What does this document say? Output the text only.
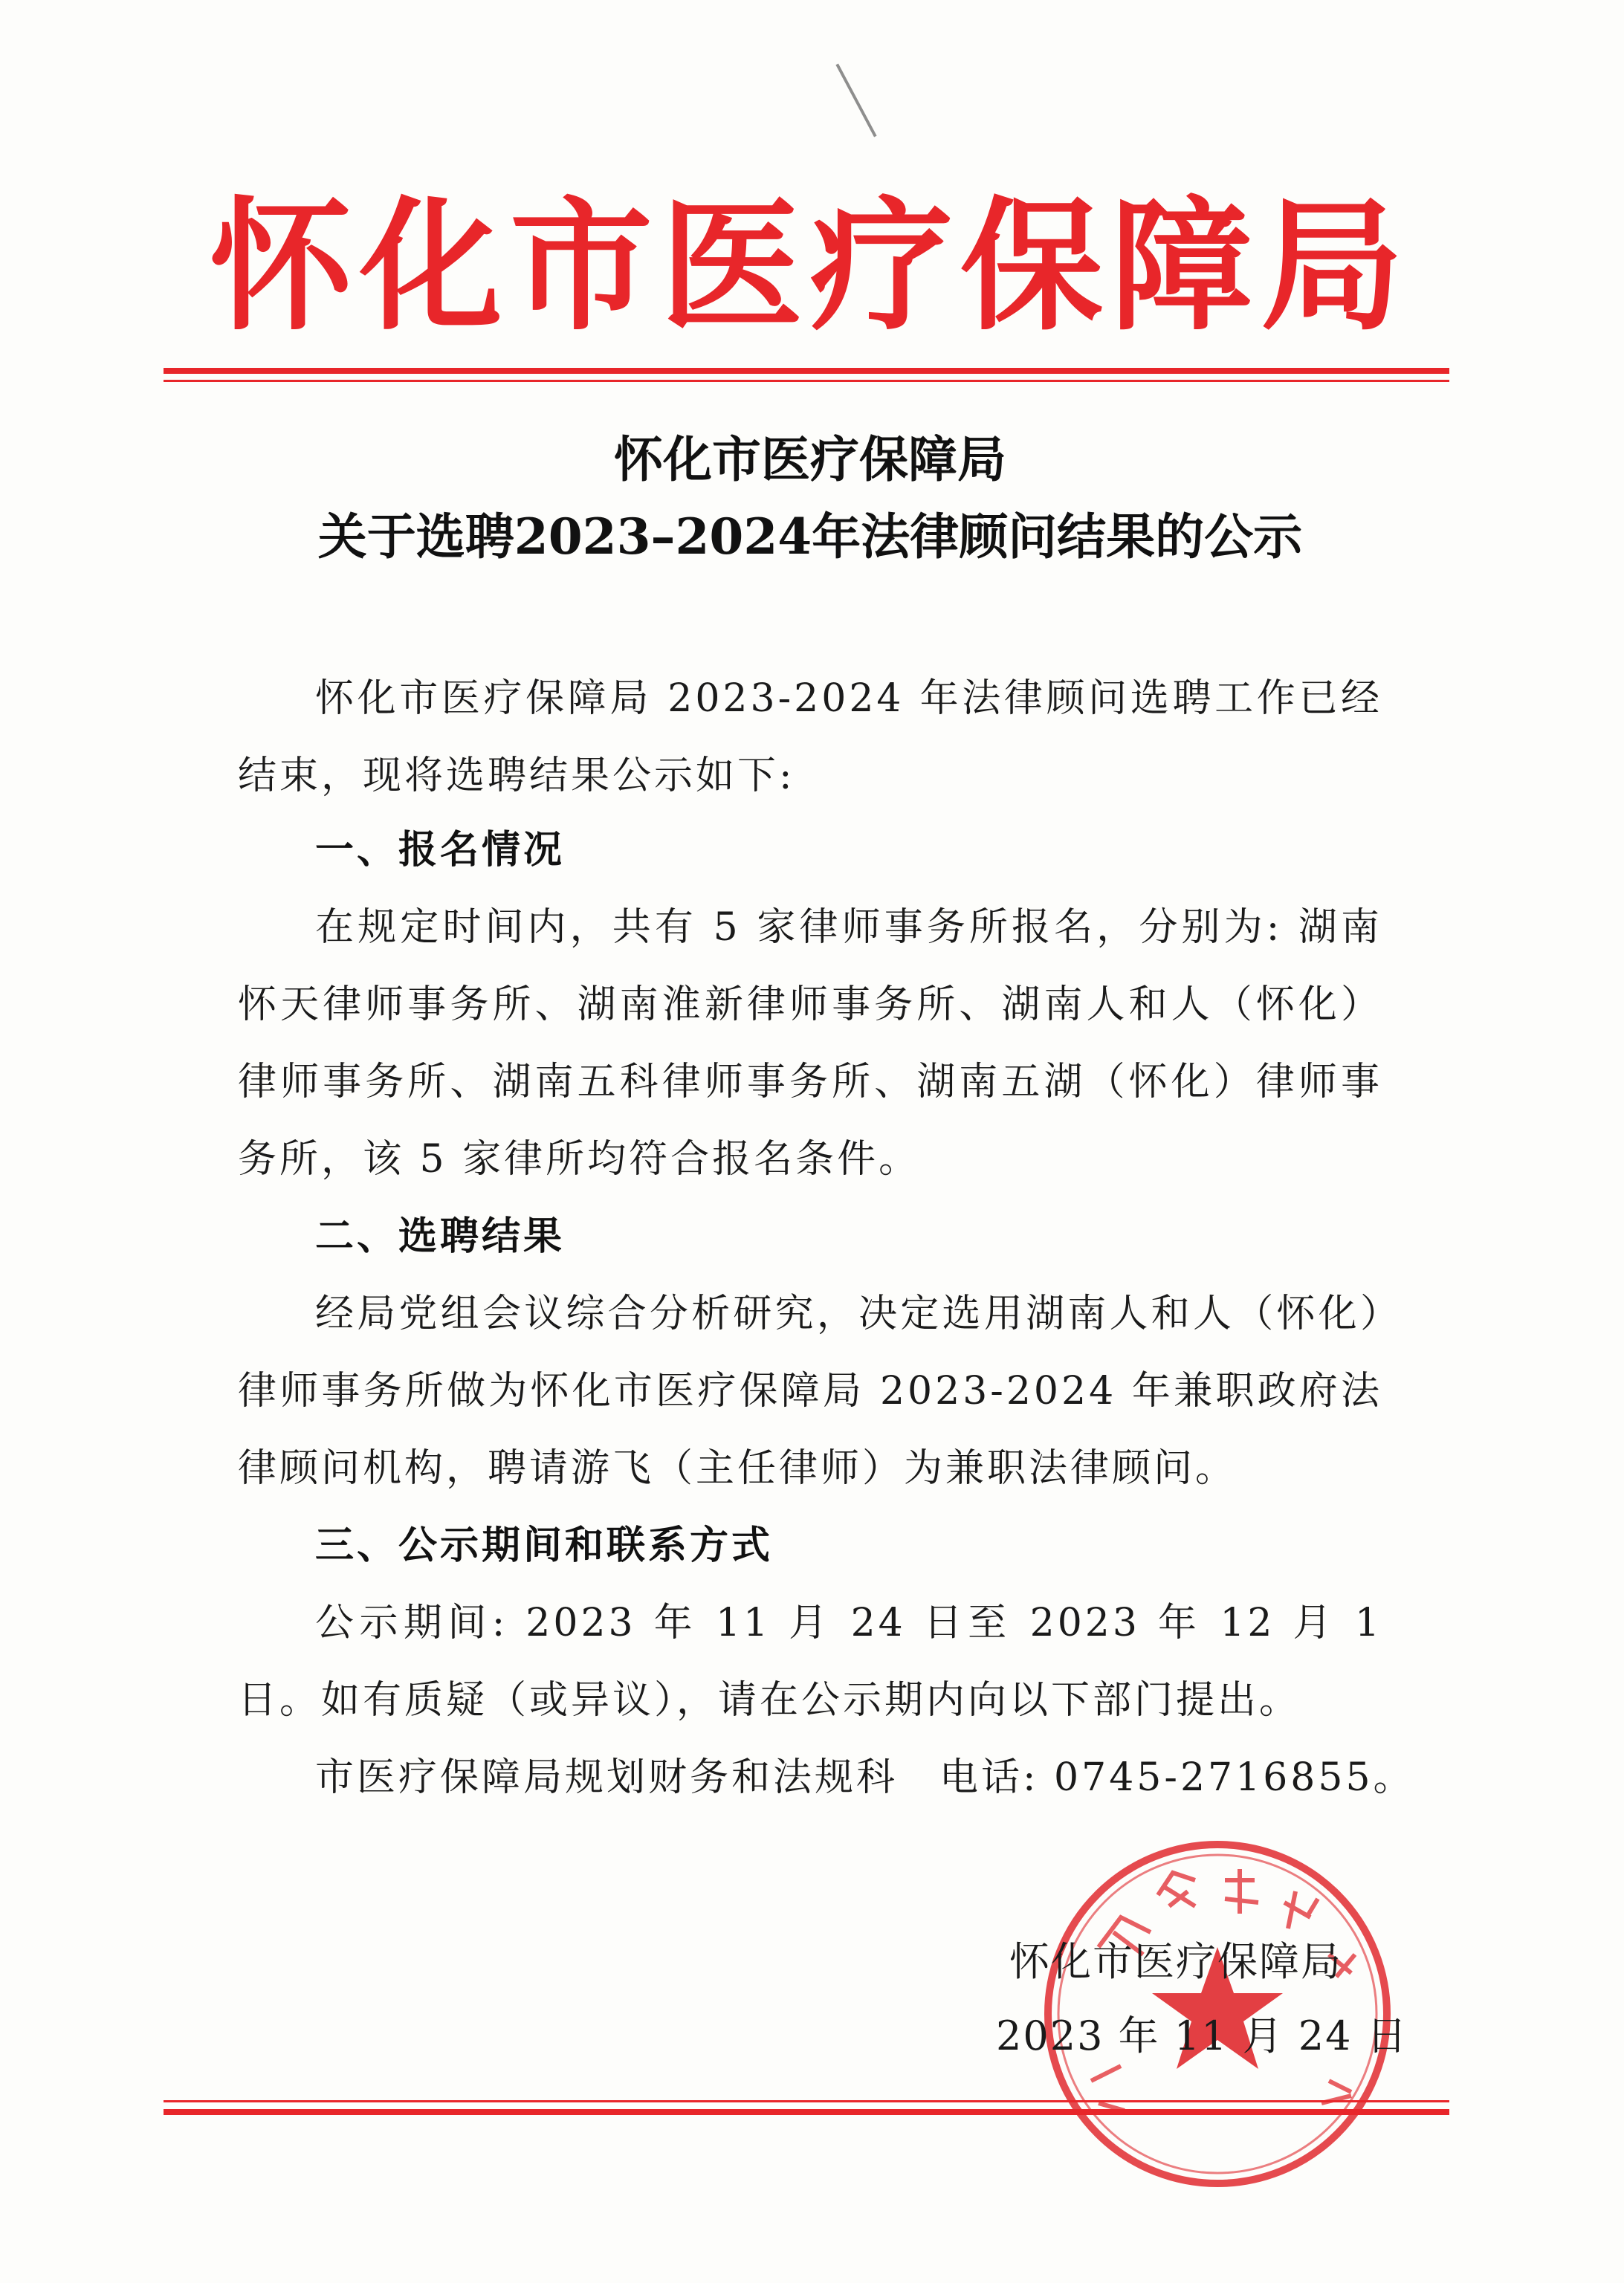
怀化市医疗保障局
怀化市医疗保障局
关于选聘2023–2024年法律顾问结果的公示
怀化市医疗保障局 2023-2024 年法律顾问选聘工作已经结束，现将选聘结果公示如下:
一、报名情况
在规定时间内，共有 5 家律师事务所报名，分别为: 湖南怀天律师事务所、湖南淮新律师事务所、湖南人和人（怀化）律师事务所、湖南五科律师事务所、湖南五湖（怀化）律师事务所，该 5 家律所均符合报名条件。
二、选聘结果
经局党组会议综合分析研究，决定选用湖南人和人（怀化）律师事务所做为怀化市医疗保障局 2023-2024 年兼职政府法律顾问机构，聘请游飞（主任律师）为兼职法律顾问。
三、公示期间和联系方式
公示期间: 2023 年 11 月 24 日至 2023 年 12 月 1 日。如有质疑（或异议），请在公示期内向以下部门提出。
市医疗保障局规划财务和法规科　电话: 0745-2716855。
怀化市医疗保障局
2023 年 11 月 24 日
